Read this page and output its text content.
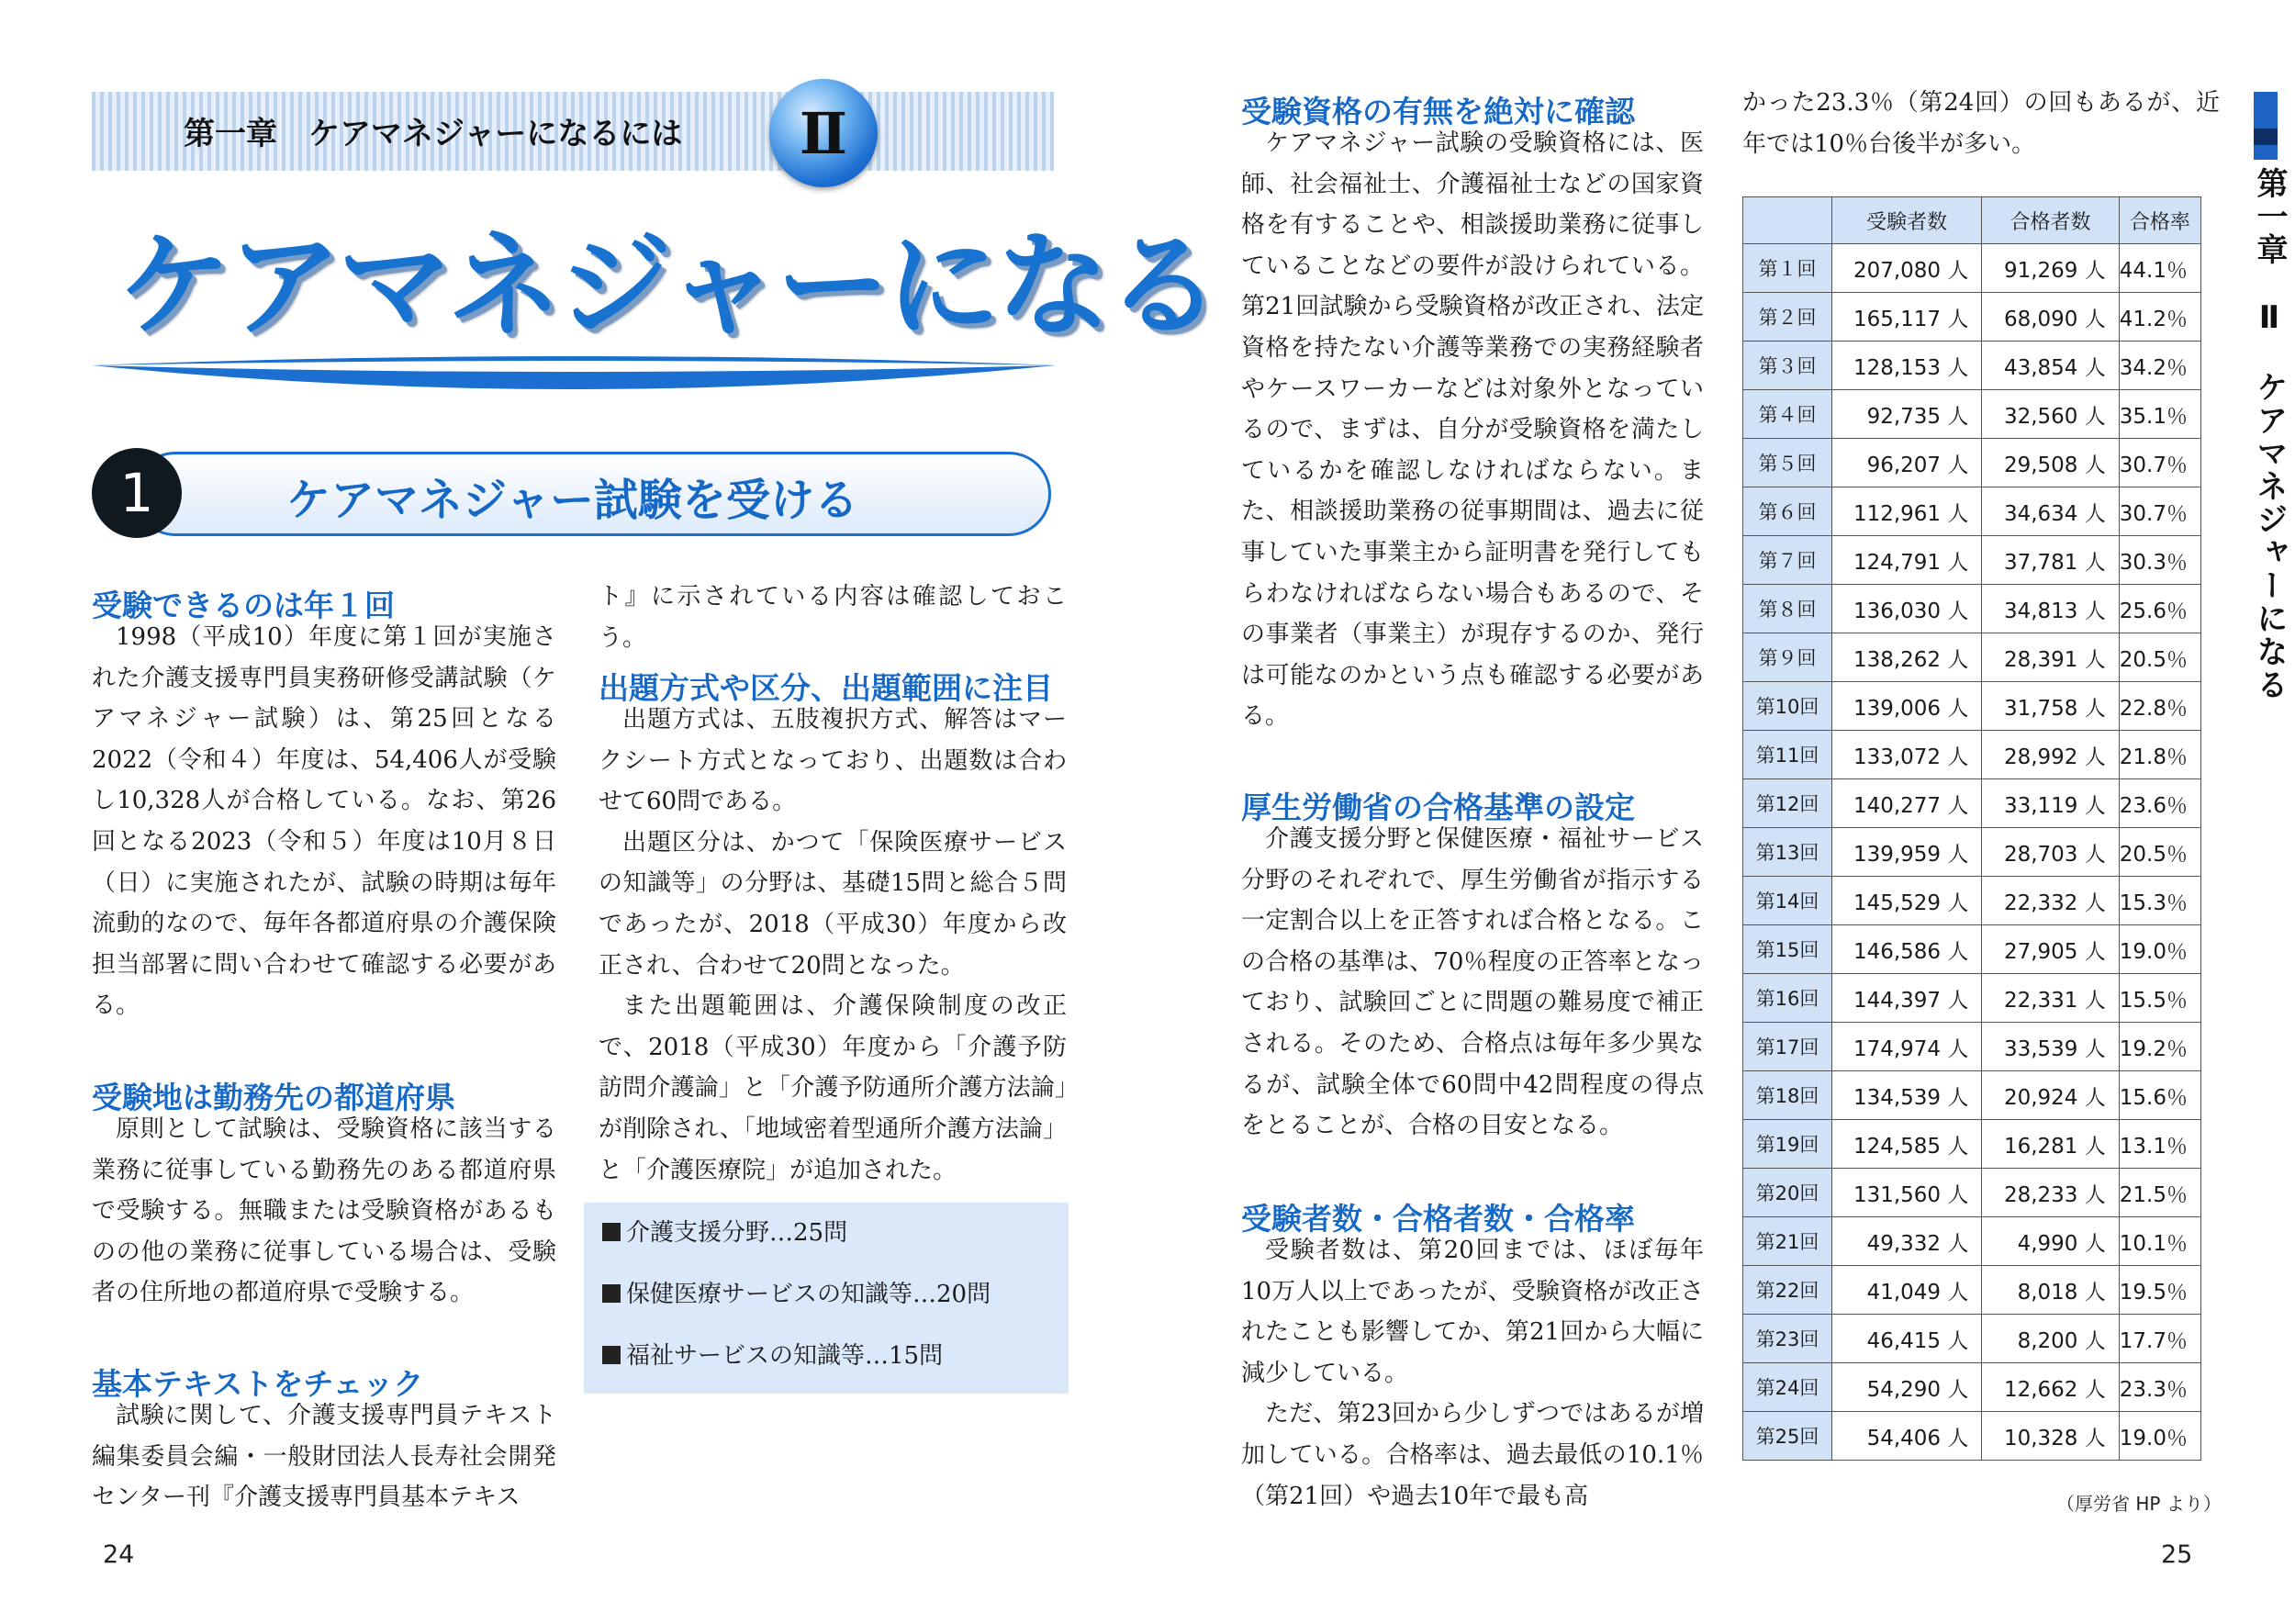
第一章　ケアマネジャーになるには Ⅱ
ケアマネジャーになる
1	ケアマネジャー試験を受ける
受験できるのは年１回

1998（平成10）年度に第１回が実施された介護支援専門員実務研修受講試験（ケアマネジャー試験）は、第25回となる2022（令和４）年度は、54,406人が受験し10,328人が合格している。なお、第26回となる2023（令和５）年度は10月８日（日）に実施されたが、試験の時期は毎年流動的なので、毎年各都道府県の介護保険担当部署に問い合わせて確認する必要がある。

受験地は勤務先の都道府県

原則として試験は、受験資格に該当する業務に従事している勤務先のある都道府県で受験する。無職または受験資格があるものの他の業務に従事している場合は、受験者の住所地の都道府県で受験する。

基本テキストをチェック

試験に関して、介護支援専門員テキスト編集委員会編・一般財団法人長寿社会開発センター刊『介護支援専門員基本テキス

ト』に示されている内容は確認しておこう。

出題方式や区分、出題範囲に注目

出題方式は、五肢複択方式、解答はマークシート方式となっており、出題数は合わせて60問である。

出題区分は、かつて「保険医療サービスの知識等」の分野は、基礎15問と総合５問であったが、2018（平成30）年度から改正され、合わせて20問となった。

また出題範囲は、介護保険制度の改正で、2018（平成30）年度から「介護予防訪問介護論」と「介護予防通所介護方法論」が削除され、「地域密着型通所介護方法論」と「介護医療院」が追加された。

介護支援分野…25問
保健医療サービスの知識等…20問
福祉サービスの知識等…15問
24
受験資格の有無を絶対に確認

ケアマネジャー試験の受験資格には、医師、社会福祉士、介護福祉士などの国家資格を有することや、相談援助業務に従事していることなどの要件が設けられている。第21回試験から受験資格が改正され、法定資格を持たない介護等業務での実務経験者やケースワーカーなどは対象外となっているので、まずは、自分が受験資格を満たしているかを確認しなければならない。また、相談援助業務の従事期間は、過去に従事していた事業主から証明書を発行してもらわなければならない場合もあるので、その事業者（事業主）が現存するのか、発行は可能なのかという点も確認する必要がある。

厚生労働省の合格基準の設定

介護支援分野と保健医療・福祉サービス分野のそれぞれで、厚生労働省が指示する一定割合以上を正答すれば合格となる。この合格の基準は、70％程度の正答率となっており、試験回ごとに問題の難易度で補正される。そのため、合格点は毎年多少異なるが、試験全体で60問中42問程度の得点をとることが、合格の目安となる。

受験者数・合格者数・合格率

受験者数は、第20回までは、ほぼ毎年10万人以上であったが、受験資格が改正されたことも影響してか、第21回から大幅に減少している。

ただ、第23回から少しずつではあるが増加している。合格率は、過去最低の10.1％（第21回）や過去10年で最も高

かった23.3％（第24回）の回もあるが、近年では10％台後半が多い。

	受験者数	合格者数	合格率
第１回	207,080 人	91,269 人	44.1％
第２回	165,117 人	68,090 人	41.2％
第３回	128,153 人	43,854 人	34.2％
第４回	92,735 人	32,560 人	35.1％
第５回	96,207 人	29,508 人	30.7％
第６回	112,961 人	34,634 人	30.7％
第７回	124,791 人	37,781 人	30.3％
第８回	136,030 人	34,813 人	25.6％
第９回	138,262 人	28,391 人	20.5％
第10回	139,006 人	31,758 人	22.8％
第11回	133,072 人	28,992 人	21.8％
第12回	140,277 人	33,119 人	23.6％
第13回	139,959 人	28,703 人	20.5％
第14回	145,529 人	22,332 人	15.3％
第15回	146,586 人	27,905 人	19.0％
第16回	144,397 人	22,331 人	15.5％
第17回	174,974 人	33,539 人	19.2％
第18回	134,539 人	20,924 人	15.6％
第19回	124,585 人	16,281 人	13.1％
第20回	131,560 人	28,233 人	21.5％
第21回	49,332 人	4,990 人	10.1％
第22回	41,049 人	8,018 人	19.5％
第23回	46,415 人	8,200 人	17.7％
第24回	54,290 人	12,662 人	23.3％
第25回	54,406 人	10,328 人	19.0％
（厚労省 HP より）
第一章　Ⅱ　ケアマネジャーになる
25
